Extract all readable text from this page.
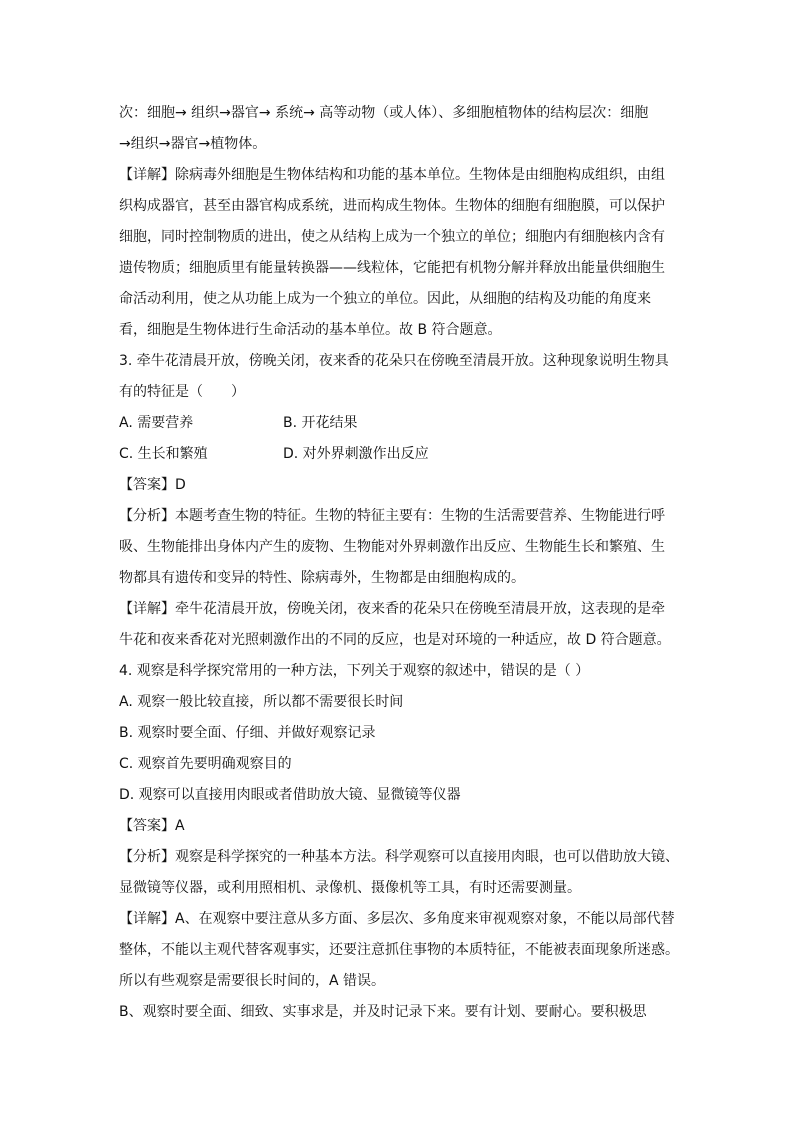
次：细胞→ 组织→器官→ 系统→ 高等动物（或人体）、多细胞植物体的结构层次：细胞
→组织→器官→植物体。
【详解】除病毒外细胞是生物体结构和功能的基本单位。生物体是由细胞构成组织，由组
织构成器官，甚至由器官构成系统，进而构成生物体。生物体的细胞有细胞膜，可以保护
细胞，同时控制物质的进出，使之从结构上成为一个独立的单位；细胞内有细胞核内含有
遗传物质；细胞质里有能量转换器——线粒体，它能把有机物分解并释放出能量供细胞生
命活动利用，使之从功能上成为一个独立的单位。因此，从细胞的结构及功能的角度来
看，细胞是生物体进行生命活动的基本单位。故 B 符合题意。
3. 牵牛花清晨开放，傍晚关闭，夜来香的花朵只在傍晚至清晨开放。这种现象说明生物具
有的特征是（　　）
A. 需要营养	B. 开花结果
C. 生长和繁殖	D. 对外界刺激作出反应
【答案】D
【分析】本题考查生物的特征。生物的特征主要有：生物的生活需要营养、生物能进行呼
吸、生物能排出身体内产生的废物、生物能对外界刺激作出反应、生物能生长和繁殖、生
物都具有遗传和变异的特性、除病毒外，生物都是由细胞构成的。
【详解】牵牛花清晨开放，傍晚关闭，夜来香的花朵只在傍晚至清晨开放，这表现的是牵
牛花和夜来香花对光照刺激作出的不同的反应，也是对环境的一种适应，故 D 符合题意。
4. 观察是科学探究常用的一种方法，下列关于观察的叙述中，错误的是（ ）
A. 观察一般比较直接，所以都不需要很长时间
B. 观察时要全面、仔细、并做好观察记录
C. 观察首先要明确观察目的
D. 观察可以直接用肉眼或者借助放大镜、显微镜等仪器
【答案】A
【分析】观察是科学探究的一种基本方法。科学观察可以直接用肉眼，也可以借助放大镜、
显微镜等仪器，或利用照相机、录像机、摄像机等工具，有时还需要测量。
【详解】A、在观察中要注意从多方面、多层次、多角度来审视观察对象，不能以局部代替
整体，不能以主观代替客观事实，还要注意抓住事物的本质特征，不能被表面现象所迷惑。
所以有些观察是需要很长时间的，A 错误。
B、观察时要全面、细致、实事求是，并及时记录下来。要有计划、要耐心。要积极思
